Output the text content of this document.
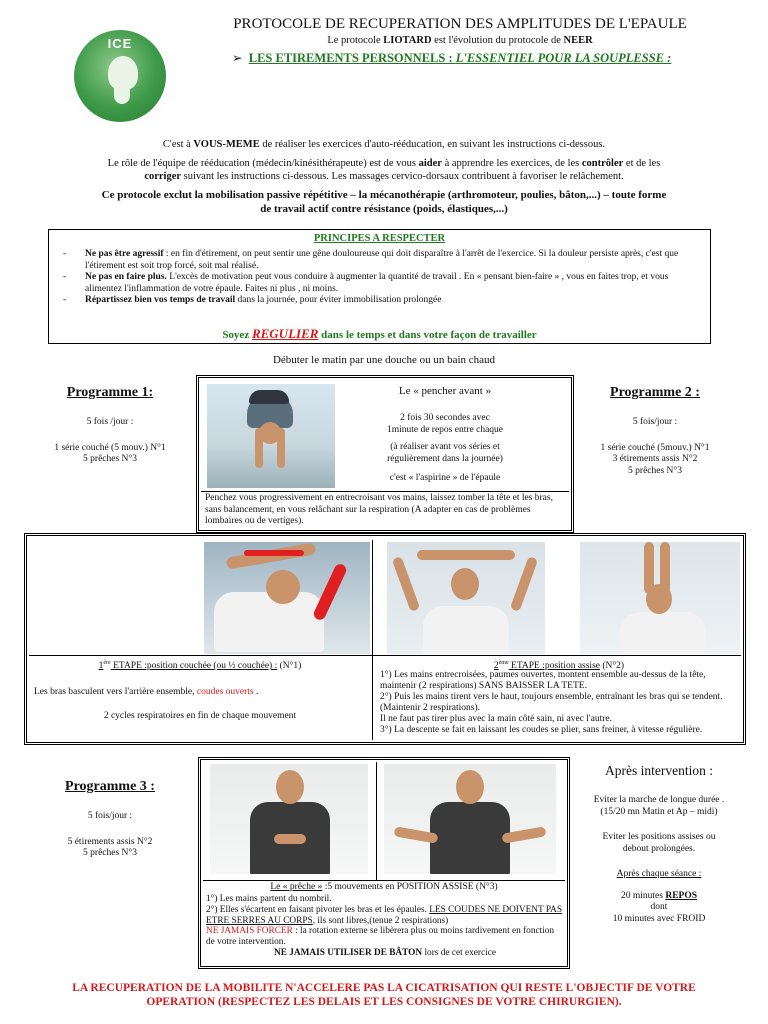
ICE
PROTOCOLE DE RECUPERATION DES AMPLITUDES DE L'EPAULE
Le protocole LIOTARD est l'évolution du protocole de NEER
➢ LES ETIREMENTS PERSONNELS : L'ESSENTIEL POUR LA SOUPLESSE :
C'est à VOUS-MEME de réaliser les exercices d'auto-rééducation, en suivant les instructions ci-dessous.
Le rôle de l'équipe de rééducation (médecin/kinésithérapeute) est de vous aider à apprendre les exercices, de les contrôler et de les
corriger suivant les instructions ci-dessous. Les massages cervico-dorsaux contribuent à favoriser le relâchement.
Ce protocole exclut la mobilisation passive répétitive – la mécanothérapie (arthromoteur, poulies, bâton,...) – toute forme
de travail actif contre résistance (poids, élastiques,...)
PRINCIPES A RESPECTER
- Ne pas être agressif : en fin d'étirement, on peut sentir une gêne douloureuse qui doit disparaître à l'arrêt de l'exercice. Si la douleur persiste après, c'est que l'étirement est soit trop forcé, soit mal réalisé.
- Ne pas en faire plus. L'excès de motivation peut vous conduire à augmenter la quantité de travail . En « pensant bien-faire » , vous en faites trop, et vous alimentez l'inflammation de votre épaule. Faites ni plus , ni moins.
- Répartissez bien vos temps de travail dans la journée, pour éviter immobilisation prolongée
Soyez REGULIER dans le temps et dans votre façon de travailler
Débuter le matin par une douche ou un bain chaud
Programme 1:
5 fois /jour :
1 série couché (5 mouv.) N°1
5 prêches N°3
Programme 2 :
5 fois/jour :
1 série couché (5mouv.) N°1
3 étirements assis N°2
5 prêches N°3
Le « pencher avant »
2 fois 30 secondes avec
1minute de repos entre chaque
(à réaliser avant vos séries et
régulièrement dans la journée)
c'est « l'aspirine » de l'épaule
Penchez vous progressivement en entrecroisant vos mains, laissez tomber la tête et les bras, sans balancement, en vous relâchant sur la respiration (A adapter en cas de problèmes lombaires ou de vertiges).
1ère ETAPE :position couchée (ou ½ couchée) : (N°1)
Les bras basculent vers l'arrière ensemble, coudes ouverts .
2 cycles respiratoires en fin de chaque mouvement
2ème ETAPE :position assise (N°2)
1°) Les mains entrecroisées, paumes ouvertes, montent ensemble au-dessus de la tête, maintenir (2 respirations) SANS BAISSER LA TETE.
2°) Puis les mains tirent vers le haut, toujours ensemble, entraînant les bras qui se tendent. (Maintenir 2 respirations).
Il ne faut pas tirer plus avec la main côté sain, ni avec l'autre.
3°) La descente se fait en laissant les coudes se plier, sans freiner, à vitesse régulière.
Programme 3 :
5 fois/jour :
5 étirements assis N°2
5 prêches N°3
Le « prêche » :5 mouvements en POSITION ASSISE (N°3)
1°) Les mains partent du nombril.
2°) Elles s'écartent en faisant pivoter les bras et les épaules. LES COUDES NE DOIVENT PAS ETRE SERRES AU CORPS, ils sont libres,(tenue 2 respirations)
NE JAMAIS FORCER : la rotation externe se libèrera plus ou moins tardivement en fonction de votre intervention.
NE JAMAIS UTILISER DE BÂTON lors de cet exercice
Après intervention :
Eviter la marche de longue durée .
(15/20 mn Matin et Ap – midi)
Eviter les positions assises ou
debout prolongées.
Après chaque séance :
20 minutes REPOS
dont
10 minutes avec FROID
LA RECUPERATION DE LA MOBILITE N'ACCELERE PAS LA CICATRISATION QUI RESTE L'OBJECTIF DE VOTRE
OPERATION (RESPECTEZ LES DELAIS ET LES CONSIGNES DE VOTRE CHIRURGIEN).
